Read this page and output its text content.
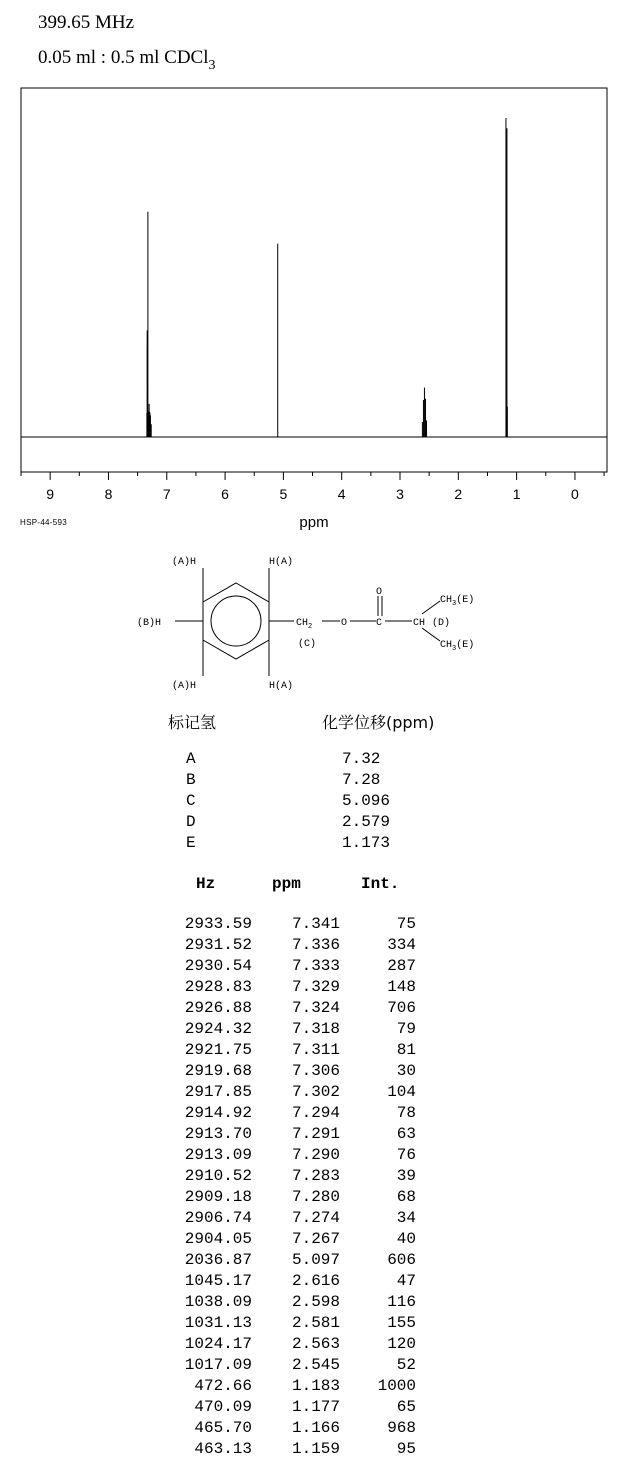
399.65 MHz
0.05 ml : 0.5 ml CDCl$_3$
9	8	7	6	5	4	3	2	1	0
ppm
HSP-44-593
(A)H	H(A)
(B)H
(A)H	H(A)
$CH_2$
(C)
O
O
C	CH (D)
$CH_3(E)$
$CH_3(E)$
标记氢	化学位移(ppm)
A	7.32
B	7.28
C	5.096
D	2.579
E	1.173
Hz	ppm	Int.
2933.59 7.341	75
2931.52 7.336	334
2930.54 7.333	287
2928.83 7.329	148
2926.88 7.324	706
2924.32 7.318	79
2921.75 7.311	81
2919.68 7.306	30
2917.85 7.302	104
2914.92 7.294	78
2913.70 7.291	63
2913.09 7.290	76
2910.52 7.283	39
2909.18 7.280	68
2906.74 7.274	34
2904.05 7.267	40
2036.87 5.097	606
1045.17 2.616	47
1038.09 2.598	116
1031.13 2.581	155
1024.17 2.563	120
1017.09 2.545	52
472.66 1.183 1000
470.09 1.177	65
465.70 1.166	968
463.13 1.159	95
